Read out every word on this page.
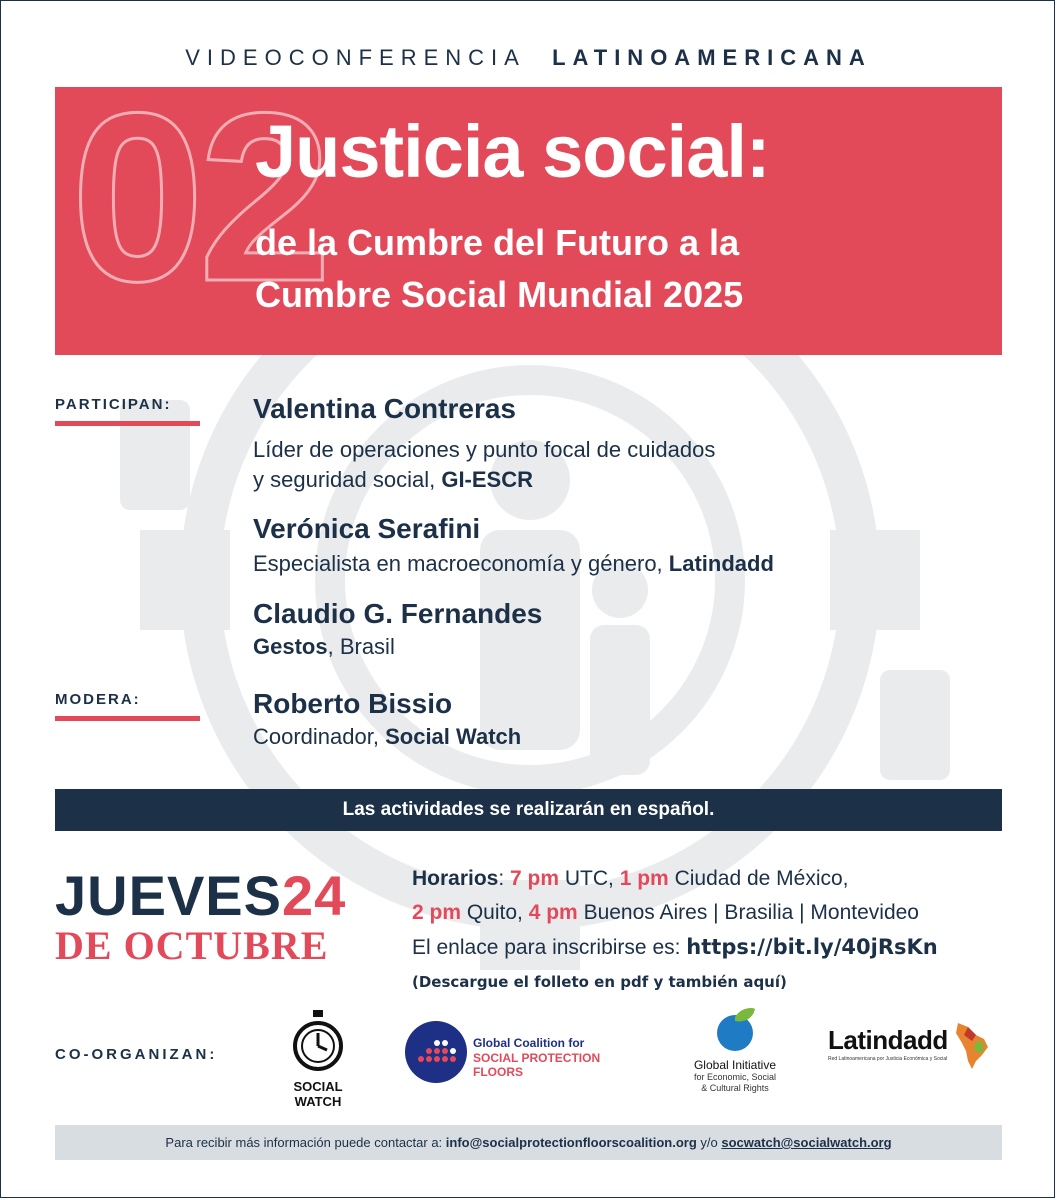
VIDEOCONFERENCIA LATINOAMERICANA
02
Justicia social:
de la Cumbre del Futuro a la
Cumbre Social Mundial 2025
PARTICIPAN:	Valentina Contreras
Líder de operaciones y punto focal de cuidados
y seguridad social, GI-ESCR
Verónica Serafini
Especialista en macroeconomía y género, Latindadd
Claudio G. Fernandes
Gestos, Brasil
MODERA:	Roberto Bissio
Coordinador, Social Watch
Las actividades se realizarán en español.
JUEVES24
DE OCTUBRE
Horarios: 7 pm UTC, 1 pm Ciudad de México,
2 pm Quito, 4 pm Buenos Aires | Brasilia | Montevideo
El enlace para inscribirse es: https://bit.ly/40jRsKn
(Descargue el folleto en pdf y también aquí)
CO-ORGANIZAN:
SOCIAL WATCH
Global Coalition for
SOCIAL PROTECTION FLOORS	Global Initiative
for Economic, Social
& Cultural Rights
Latindadd
Red Latinoamericana por Justicia Económica y Social
Para recibir más información puede contactar a: info@socialprotectionfloorscoalition.org y/o socwatch@socialwatch.org
